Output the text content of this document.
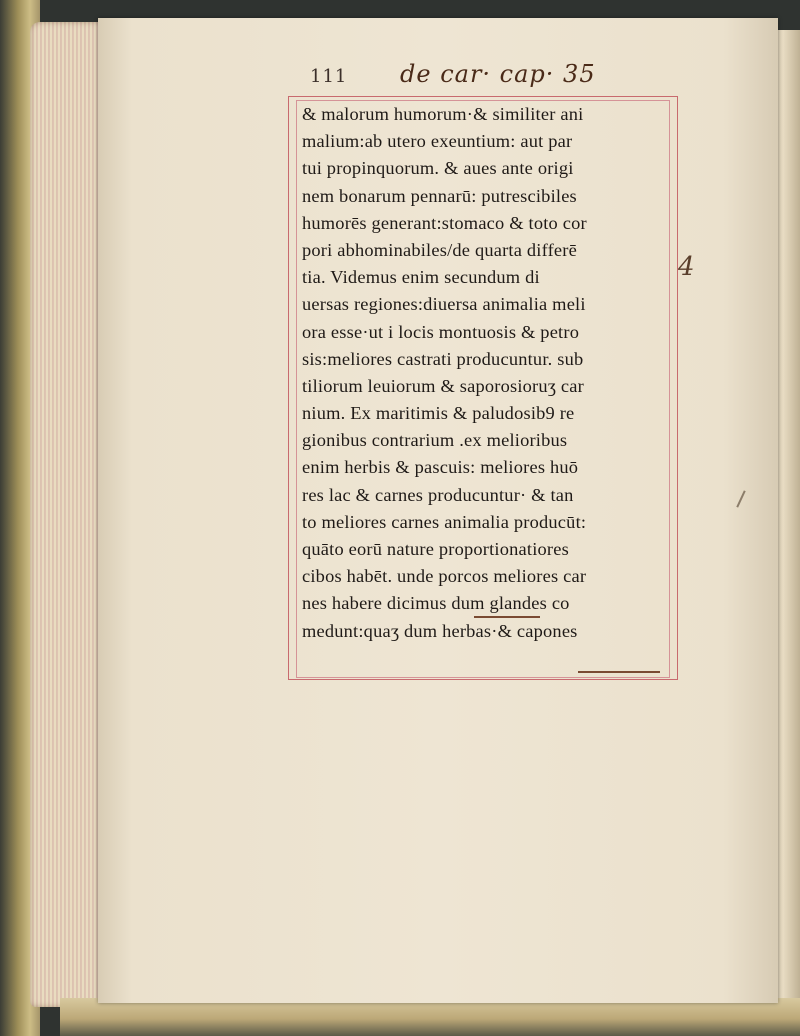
111 de car· cap· 35
& malorum humorum·& similiter ani
malium:ab utero exeuntium: aut par
tui propinquorum. & aues ante origi
nem bonarum pennarū: putrescibiles
humorēs generant:stomaco & toto cor
pori abhominabiles/de quarta differē
tia. Videmus enim secundum di
uersas regiones:diuersa animalia meli
ora esse·ut i locis montuosis & petro
sis:meliores castrati producuntur. sub
tiliorum leuiorum & saporosioruʒ car
nium. Ex maritimis & paludosib9 re
gionibus contrarium .ex melioribus
enim herbis & pascuis: meliores huō
res lac & carnes producuntur· & tan
to meliores carnes animalia producūt:
quāto eorū nature proportionatiores
cibos habēt. unde porcos meliores car
nes habere dicimus dum glandes co
medunt:quaʒ dum herbas·& capones
4
